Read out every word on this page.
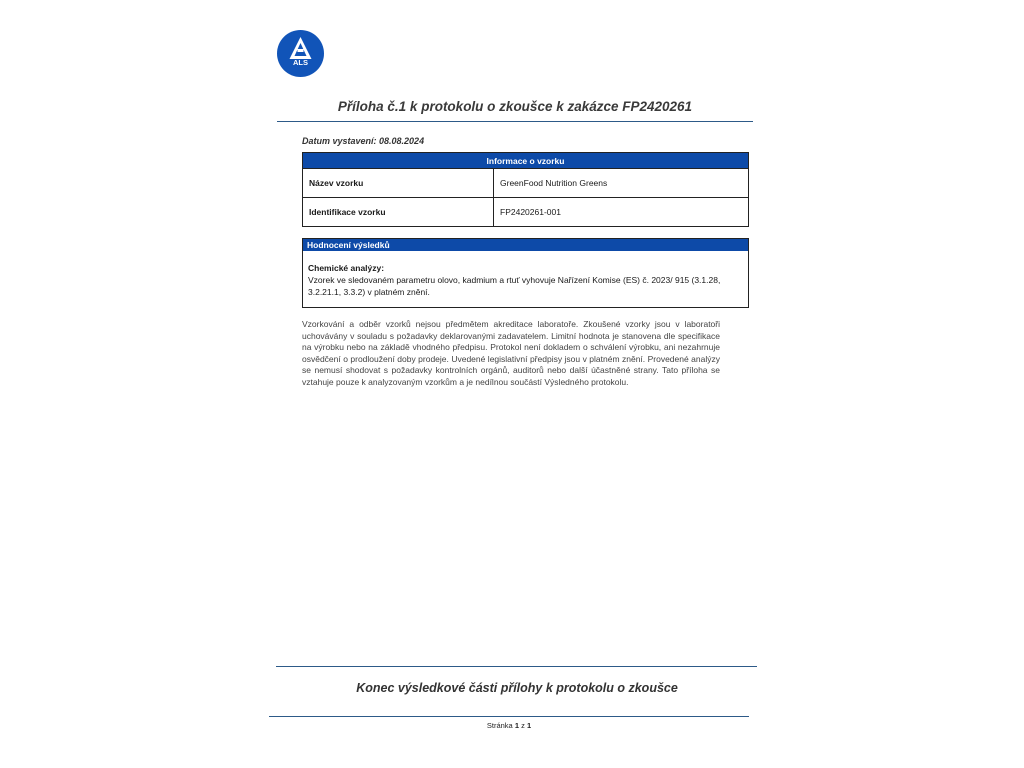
ALS
Příloha č.1 k protokolu o zkoušce k zakázce FP2420261
Datum vystavení: 08.08.2024
Informace o vzorku	
Název vzorku	GreenFood Nutrition Greens
Identifikace vzorku	FP2420261-001
Hodnocení výsledků
Chemické analýzy:
Vzorek ve sledovaném parametru olovo, kadmium a rtuť vyhovuje Nařízení Komise (ES) č. 2023/ 915 (3.1.28, 3.2.21.1, 3.3.2) v platném znění.
Vzorkování a odběr vzorků nejsou předmětem akreditace laboratoře. Zkoušené vzorky jsou v laboratoři uchovávány v souladu s požadavky deklarovanými zadavatelem. Limitní hodnota je stanovena dle specifikace na výrobku nebo na základě vhodného předpisu. Protokol není dokladem o schválení výrobku, ani nezahrnuje osvědčení o prodloužení doby prodeje. Uvedené legislativní předpisy jsou v platném znění. Provedené analýzy se nemusí shodovat s požadavky kontrolních orgánů, auditorů nebo další účastněné strany. Tato příloha se vztahuje pouze k analyzovaným vzorkům a je nedílnou součástí Výsledného protokolu.
Konec výsledkové části přílohy k protokolu o zkoušce
Stránka 1 z 1
